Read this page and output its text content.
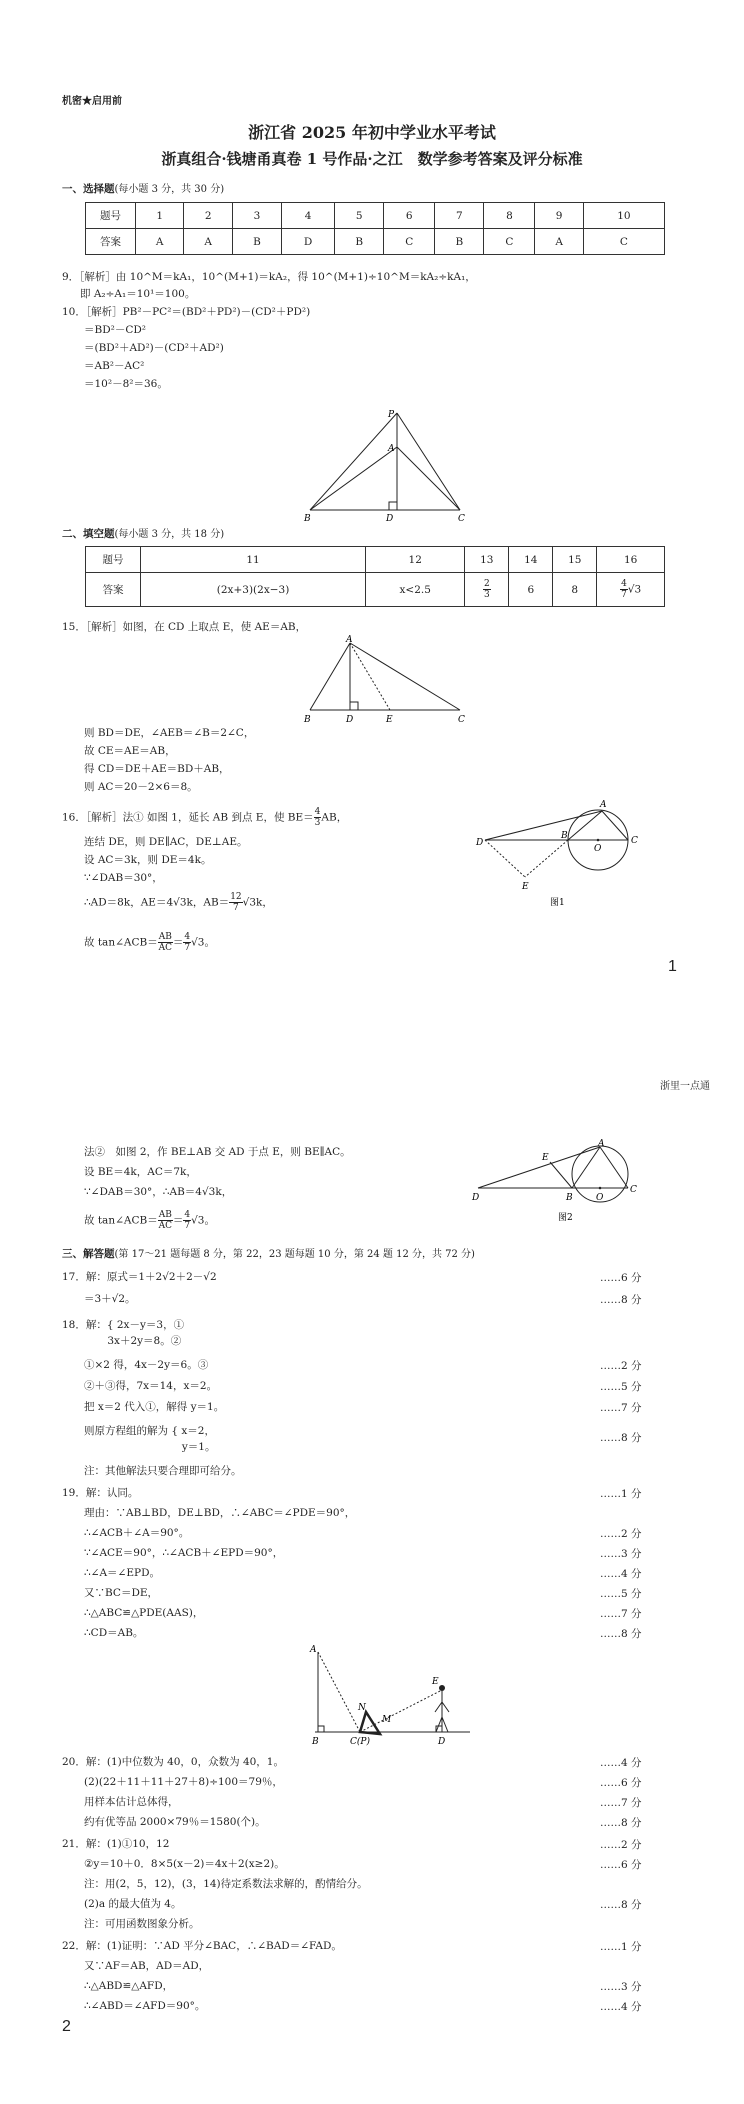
机密★启用前
浙江省 2025 年初中学业水平考试
浙真组合·钱塘甬真卷 1 号作品·之江　数学参考答案及评分标准
一、选择题(每小题 3 分，共 30 分)
题号	1	2	3	4	5	6	7	8	9	10
答案	A	A	B	D	B	C	B	C	A	C
9．［解析］由 10^M＝kA₁，10^(M+1)＝kA₂，得 10^(M+1)÷10^M＝kA₂÷kA₁，
即 A₂÷A₁＝10¹＝100。
10．［解析］PB²－PC²＝(BD²＋PD²)－(CD²＋PD²)
＝BD²－CD²
＝(BD²＋AD²)－(CD²＋AD²)
＝AB²－AC²
＝10²－8²＝36。
P
A
B	D	C
二、填空题(每小题 3 分，共 18 分)
题号	11	12	13	14	15	16
答案	(2x+3)(2x−3)	x<2.5	$\frac{2}{3}$	6	8	$\frac{4}{7} √3$
15．［解析］如图，在 CD 上取点 E，使 AE＝AB，
A
B	D	E	C
则 BD＝DE，∠AEB＝∠B＝2∠C，
故 CE＝AE＝AB，
得 CD＝DE＋AE＝BD＋AB，
则 AC＝20－2×6＝8。
16．［解析］法① 如图 1，延长 AB 到点 E，使 $BE= \frac{4}{3}$ AB，
连结 DE，则 DE∥AC，DE⊥AE。
设 AC＝3k，则 DE＝4k。
∵∠DAB＝30°，
∴AD＝8k，AE＝4√3k，$AB= \frac{12}{7} √3k$，
故 tan∠ACB＝ $\frac{AB}{AC} = \frac{4}{7} √3$。
A
D
B
O
C
E
图1
1
浙里一点通
法②　如图 2，作 BE⊥AB 交 AD 于点 E，则 BE∥AC。
设 BE＝4k，AC＝7k，
∵∠DAB＝30°，∴AB＝4√3k，
故 tan∠ACB＝ $\frac{AB}{AC} = \frac{4}{7} √3$。
A
E
D	B	O
C
图2
三、解答题(第 17～21 题每题 8 分，第 22，23 题每题 10 分，第 24 题 12 分，共 72 分)
17．解：原式＝1＋2√2＋2－√2	……6 分
＝3＋√2。	……8 分
18．解：{ 2x－y＝3，①
　　　　 3x＋2y＝8。②
①×2 得，4x－2y＝6。③	……2 分
②＋③得，7x＝14，x＝2。	……5 分
把 x＝2 代入①，解得 y＝1。	……7 分
则原方程组的解为 { x＝2，
……8 分
　　　　　　　　　 y＝1。
注：其他解法只要合理即可给分。
19．解：认同。	……1 分
理由：∵AB⊥BD，DE⊥BD，∴∠ABC＝∠PDE＝90°，
∴∠ACB＋∠A＝90°。	……2 分
∵∠ACE＝90°，∴∠ACB＋∠EPD＝90°，	……3 分
∴∠A＝∠EPD。	……4 分
又∵BC＝DE，	……5 分
∴△ABC≌△PDE(AAS)，	……7 分
∴CD＝AB。	……8 分
A
E
N
M
B	C(P)	D
20．解：(1)中位数为 40，0，众数为 40，1。	……4 分
(2)(22＋11＋11＋27＋8)÷100＝79％，	……6 分
用样本估计总体得，	……7 分
约有优等品 2000×79％＝1580(个)。	……8 分
21．解：(1)①10，12	……2 分
②y＝10＋0．8×5(x－2)＝4x＋2(x≥2)。	……6 分
注：用(2，5，12)，(3，14)待定系数法求解的，酌情给分。
(2)a 的最大值为 4。	……8 分
注：可用函数图象分析。
22．解：(1)证明：∵AD 平分∠BAC，∴∠BAD＝∠FAD。	……1 分
又∵AF＝AB，AD＝AD，
∴△ABD≌△AFD，	……3 分
∴∠ABD＝∠AFD＝90°。	……4 分
2
